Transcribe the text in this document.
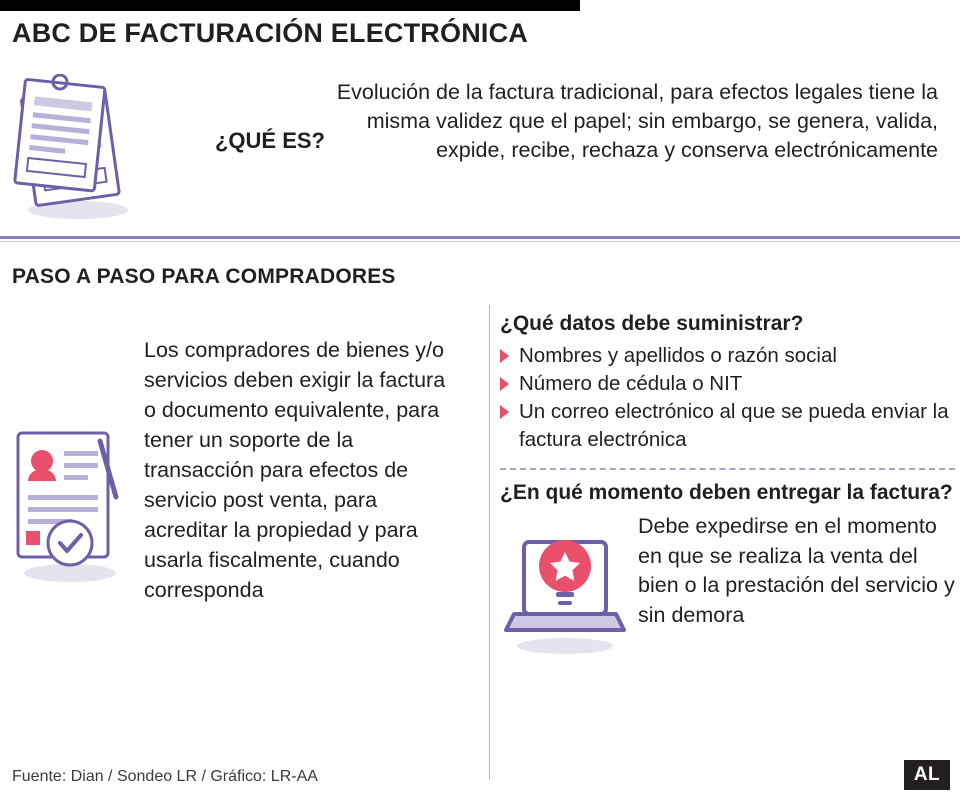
ABC DE FACTURACIÓN ELECTRÓNICA
¿QUÉ ES?
Evolución de la factura tradicional, para efectos legales tiene la misma validez que el papel; sin embargo, se genera, valida, expide, recibe, rechaza y conserva electrónicamente
PASO A PASO PARA COMPRADORES
Los compradores de bienes y/o servicios deben exigir la factura o documento equivalente, para tener un soporte de la transacción para efectos de servicio post venta, para acreditar la propiedad y para usarla fiscalmente, cuando corresponda

¿Qué datos debe suministrar?

Nombres y apellidos o razón social
Número de cédula o NIT
Un correo electrónico al que se pueda enviar la factura electrónica

¿En qué momento deben entregar la factura?

Debe expedirse en el momento en que se realiza la venta del bien o la prestación del servicio y sin demora
Fuente: Dian / Sondeo LR / Gráfico: LR-AA	AL
